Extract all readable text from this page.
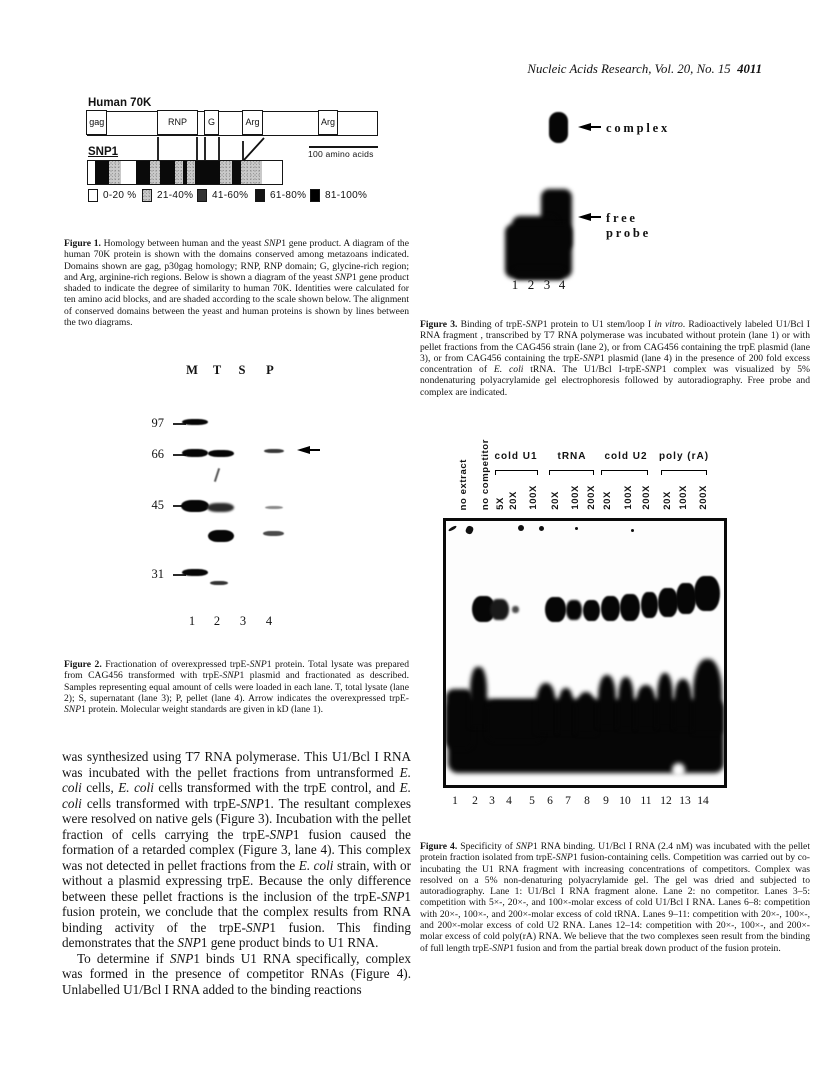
Nucleic Acids Research, Vol. 20, No. 15 4011
Human 70K
gag	RNP G	Arg	Arg
100 amino acids
SNP1
0-20 % 21-40% 41-60% 61-80% 81-100%
Figure 1. Homology between human and the yeast SNP1 gene product. A diagram of the human 70K protein is shown with the domains conserved among metazoans indicated. Domains shown are gag, p30gag homology; RNP, RNP domain; G, glycine-rich region; and Arg, arginine-rich regions. Below is shown a diagram of the yeast SNP1 gene product shaded to indicate the degree of similarity to human 70K. Identities were calculated for ten amino acid blocks, and are shaded according to the scale shown below. The alignment of conserved domains between the yeast and human proteins is shown by lines between the two diagrams.
M T S P
97
66
45
31
1 2 3 4
Figure 2. Fractionation of overexpressed trpE-SNP1 protein. Total lysate was prepared from CAG456 transformed with trpE-SNP1 plasmid and fractionated as described. Samples representing equal amount of cells were loaded in each lane. T, total lysate (lane 2); S, supernatant (lane 3); P, pellet (lane 4). Arrow indicates the overexpressed trpE-SNP1 protein. Molecular weight standards are given in kD (lane 1).

was synthesized using T7 RNA polymerase. This U1/Bcl I RNA was incubated with the pellet fractions from untransformed E. coli cells, E. coli cells transformed with the trpE control, and E. coli cells transformed with trpE-SNP1. The resultant complexes were resolved on native gels (Figure 3). Incubation with the pellet fraction of cells carrying the trpE-SNP1 fusion caused the formation of a retarded complex (Figure 3, lane 4). This complex was not detected in pellet fractions from the E. coli strain, with or without a plasmid expressing trpE. Because the only difference between these pellet fractions is the inclusion of the trpE-SNP1 fusion protein, we conclude that the complex results from RNA binding activity of the trpE-SNP1 fusion. This finding demonstrates that the SNP1 gene product binds to U1 RNA.

To determine if SNP1 binds U1 RNA specifically, complex was formed in the presence of competitor RNAs (Figure 4). Unlabelled U1/Bcl I RNA added to the binding reactions

complex
free probe
1 2 3 4
Figure 3. Binding of trpE-SNP1 protein to U1 stem/loop I in vitro. Radioactively labeled U1/Bcl I RNA fragment , transcribed by T7 RNA polymerase was incubated without protein (lane 1) or with pellet fractions from the CAG456 strain (lane 2), or from CAG456 containing the trpE plasmid (lane 3), or from CAG456 containing the trpE-SNP1 plasmid (lane 4) in the presence of 200 fold excess concentration of E. coli tRNA. The U1/Bcl I-trpE-SNP1 complex was visualized by 5% nondenaturing polyacrylamide gel electrophoresis followed by autoradiography. Free probe and complex are indicated.
no extract no competitor cold U1
5X 20X 100X
tRNA
20X 100X 200X
cold U2
20X 100X 200X
poly (rA)
20X 100X 200X
1 2 3 4 5 6 7 8 9 10 11 12 13 14
Figure 4. Specificity of SNP1 RNA binding. U1/Bcl I RNA (2.4 nM) was incubated with the pellet protein fraction isolated from trpE-SNP1 fusion-containing cells. Competition was carried out by co-incubating the U1 RNA fragment with increasing concentrations of competitors. Complex was resolved on a 5% non-denaturing polyacrylamide gel. The gel was dried and subjected to autoradiography. Lane 1: U1/Bcl I RNA fragment alone. Lane 2: no competitor. Lanes 3–5: competition with 5×-, 20×-, and 100×-molar excess of cold U1/Bcl I RNA. Lanes 6–8: competition with 20×-, 100×-, and 200×-molar excess of cold tRNA. Lanes 9–11: competition with 20×-, 100×-, and 200×-molar excess of cold U2 RNA. Lanes 12–14: competition with 20×-, 100×-, and 200×-molar excess of cold poly(rA) RNA. We believe that the two complexes seen result from the binding of full length trpE-SNP1 fusion and from the partial break down product of the fusion protein.
